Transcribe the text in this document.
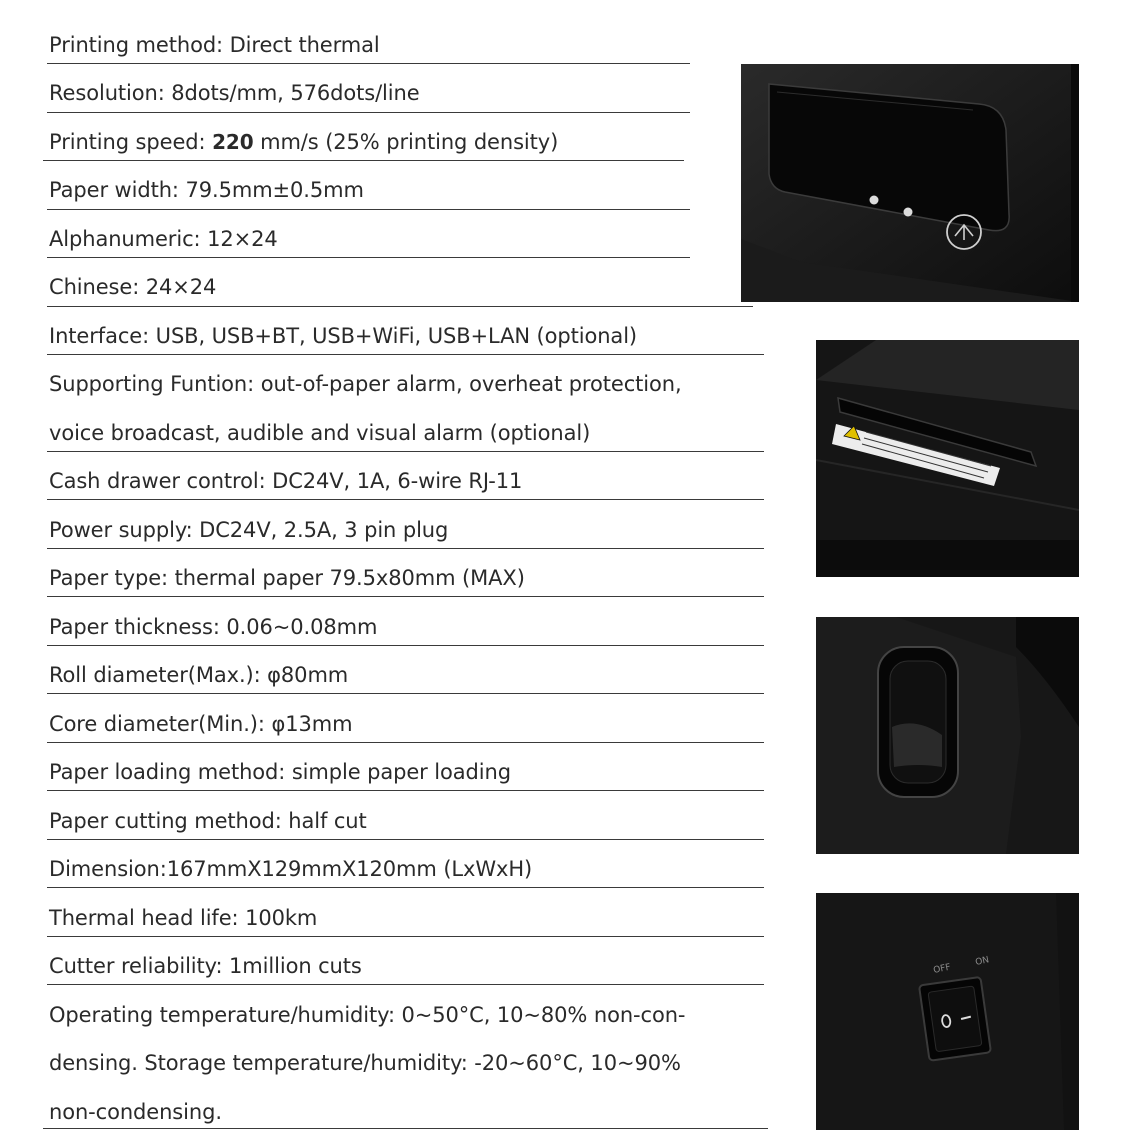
Printing method: Direct thermal
Resolution: 8dots/mm, 576dots/line
Printing speed: 220 mm/s (25% printing density)
Paper width: 79.5mm±0.5mm
Alphanumeric: 12×24
Chinese: 24×24
Interface: USB, USB+BT, USB+WiFi, USB+LAN (optional)
Supporting Funtion: out-of-paper alarm, overheat protection,
voice broadcast, audible and visual alarm (optional)
Cash drawer control: DC24V, 1A, 6-wire RJ-11
Power supply: DC24V, 2.5A, 3 pin plug
Paper type: thermal paper 79.5x80mm (MAX)
Paper thickness: 0.06~0.08mm
Roll diameter(Max.): φ80mm
Core diameter(Min.): φ13mm
Paper loading method: simple paper loading
Paper cutting method: half cut
Dimension:167mmX129mmX120mm (LxWxH)
Thermal head life: 100km
Cutter reliability: 1million cuts
Operating temperature/humidity: 0~50°C, 10~80% non-con-
densing. Storage temperature/humidity: -20~60°C, 10~90%
non-condensing.
OFF
ON
